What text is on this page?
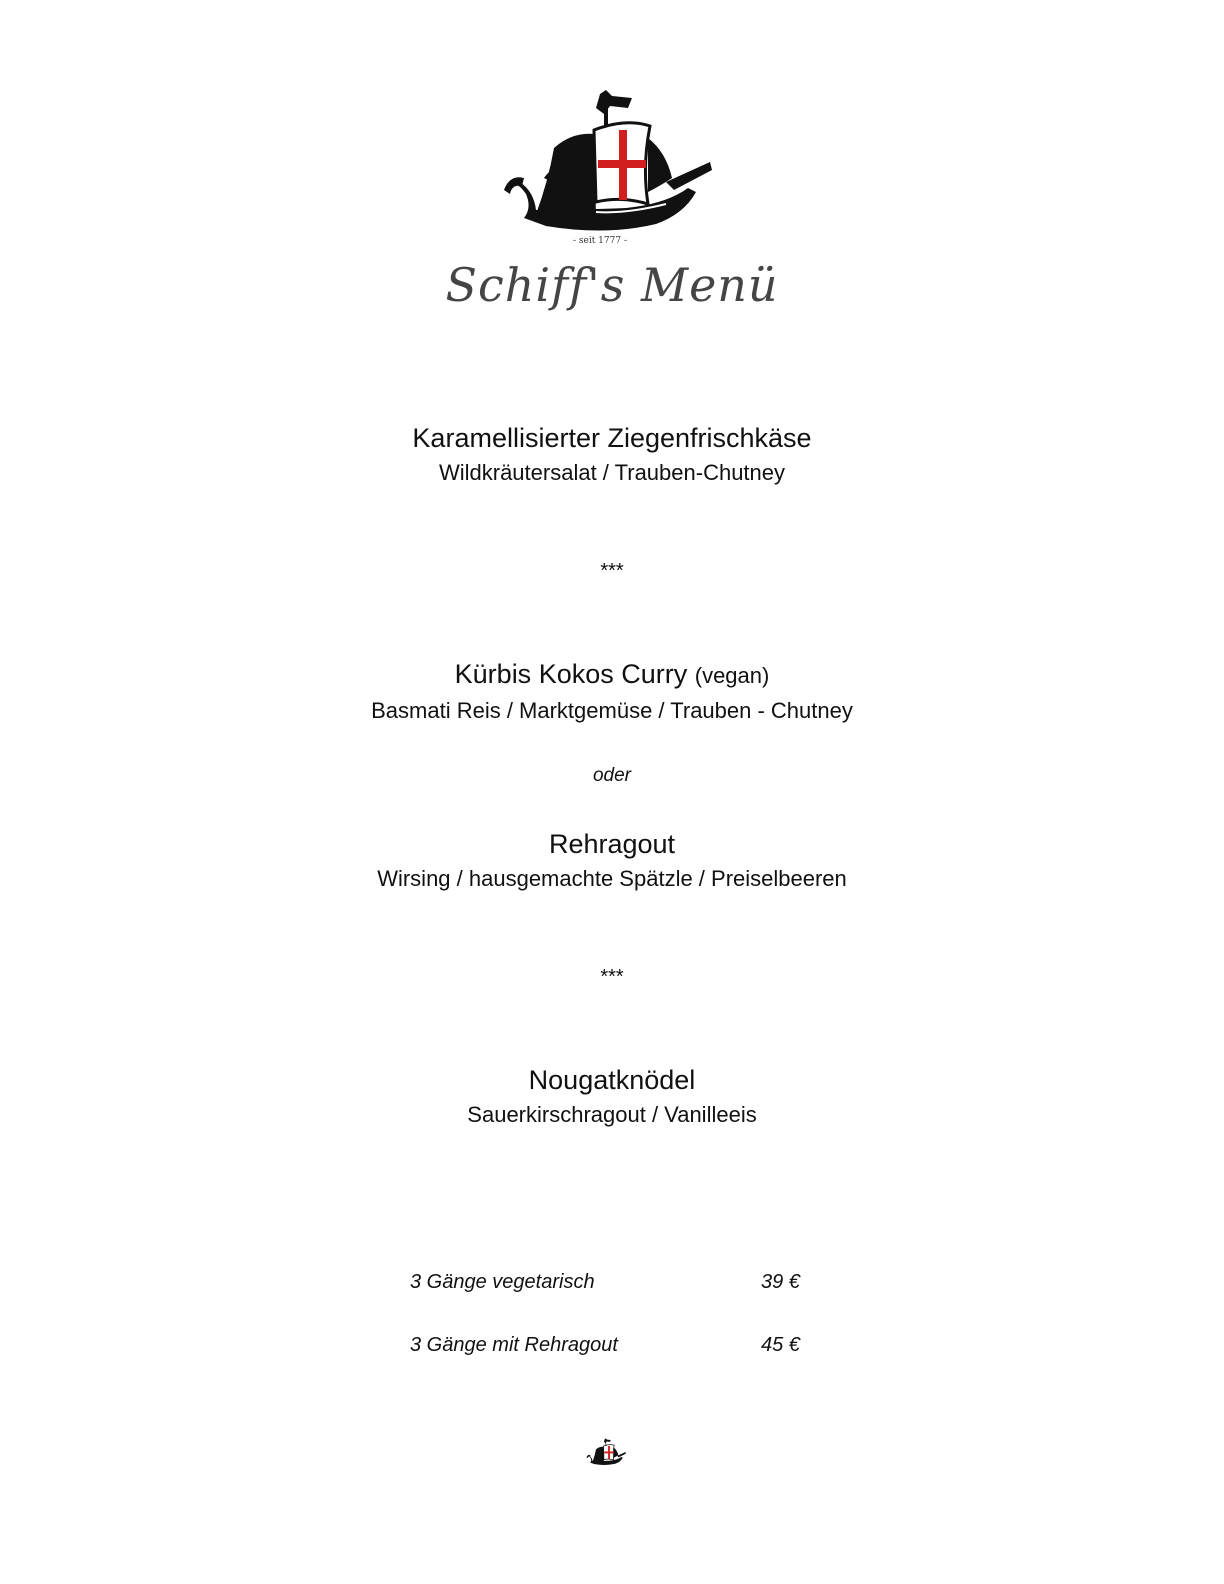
- seit 1777 -
Schiff's Menü
Karamellisierter Ziegenfrischkäse
Wildkräutersalat / Trauben-Chutney
***
Kürbis Kokos Curry (vegan)
Basmati Reis / Marktgemüse / Trauben - Chutney
oder
Rehragout
Wirsing / hausgemachte Spätzle / Preiselbeeren
***
Nougatknödel
Sauerkirschragout / Vanilleeis
3 Gänge vegetarisch	39 €
3 Gänge mit Rehragout	45 €
